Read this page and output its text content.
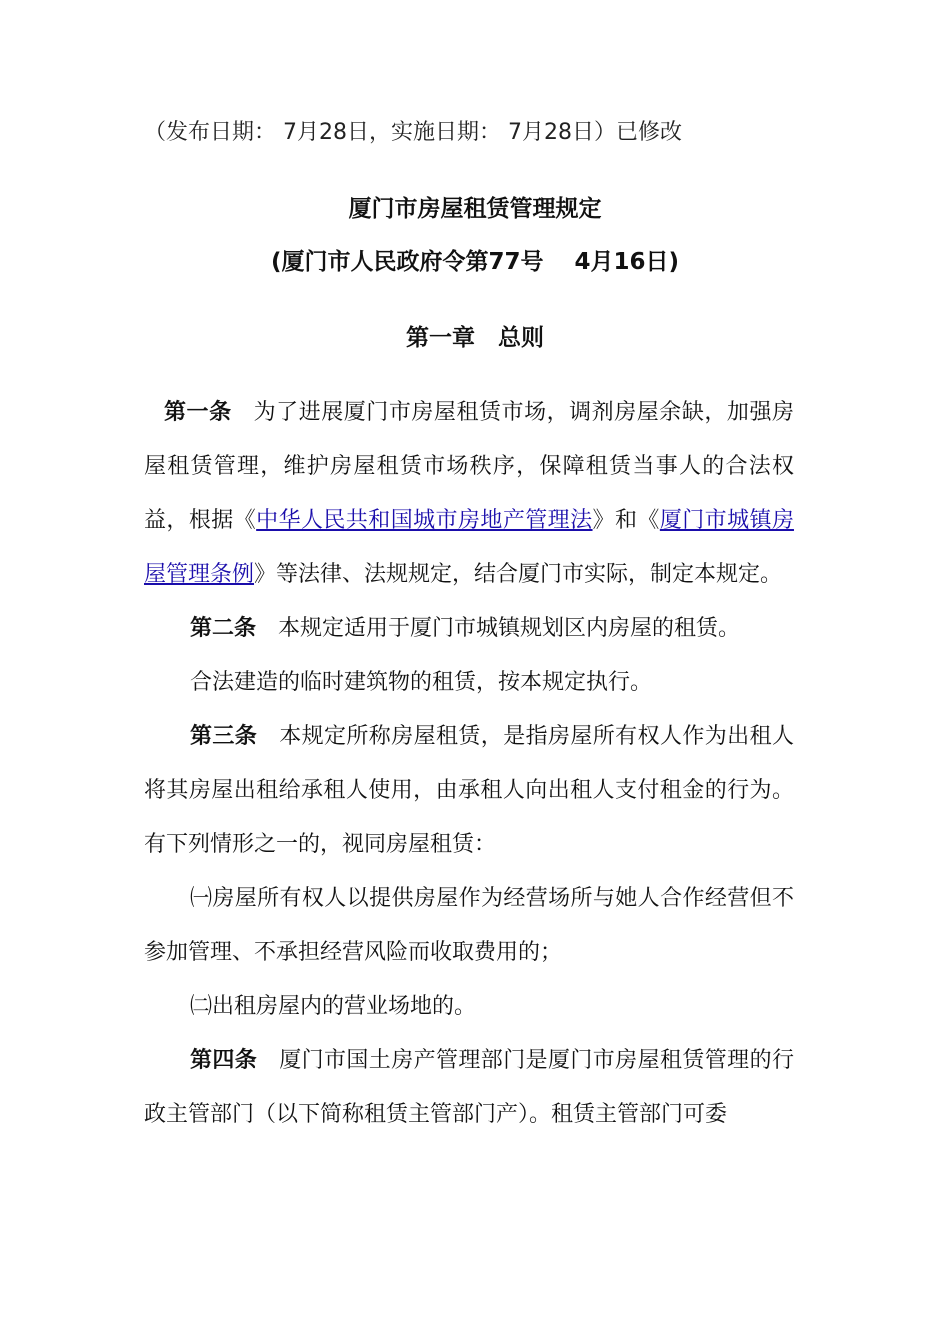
（发布日期： 7月28日，实施日期： 7月28日）已修改
厦门市房屋租赁管理规定
(厦门市人民政府令第77号　 4月16日)
第一章　总则

第一条 为了进展厦门市房屋租赁市场，调剂房屋余缺，加强房屋租赁管理，维护房屋租赁市场秩序，保障租赁当事人的合法权益，根据《中华人民共和国城市房地产管理法》和《厦门市城镇房屋管理条例》等法律、法规规定，结合厦门市实际，制定本规定。

第二条 本规定适用于厦门市城镇规划区内房屋的租赁。

合法建造的临时建筑物的租赁，按本规定执行。

第三条 本规定所称房屋租赁，是指房屋所有权人作为出租人将其房屋出租给承租人使用，由承租人向出租人支付租金的行为。有下列情形之一的，视同房屋租赁：

㈠房屋所有权人以提供房屋作为经营场所与她人合作经营但不参加管理、不承担经营风险而收取费用的；

㈡出租房屋内的营业场地的。

第四条 厦门市国土房产管理部门是厦门市房屋租赁管理的行政主管部门（以下简称租赁主管部门产）。租赁主管部门可委
